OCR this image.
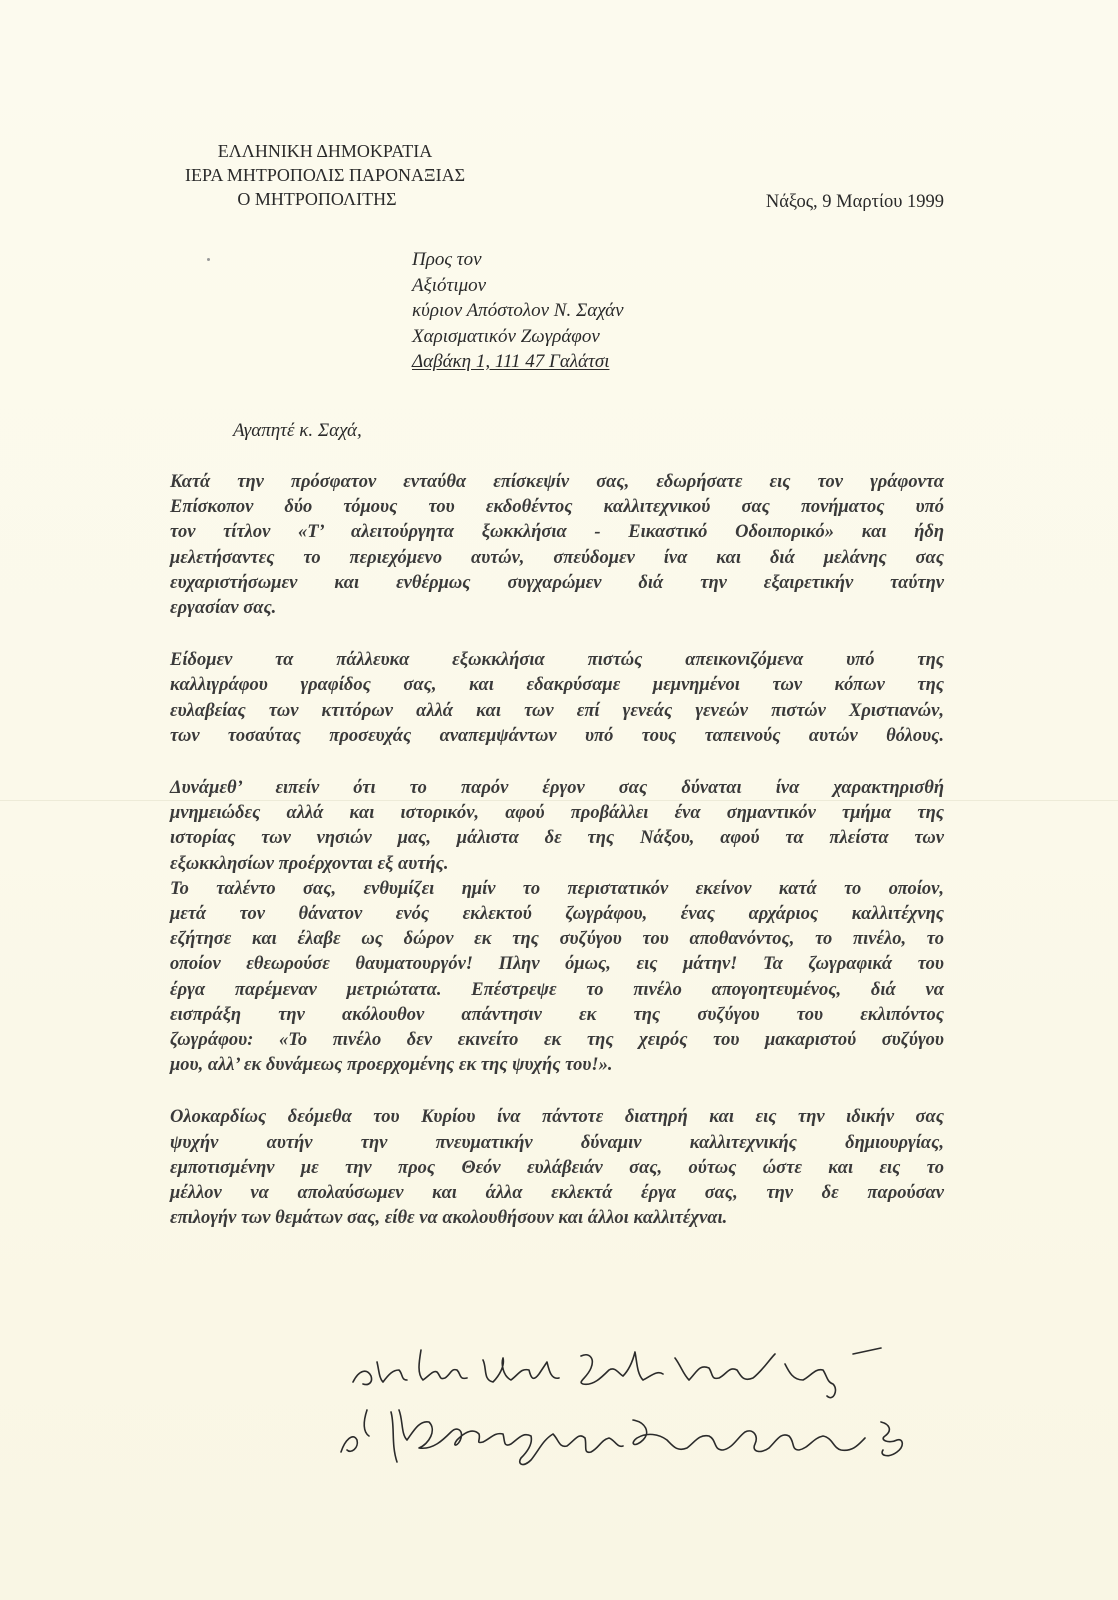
ΕΛΛΗΝΙΚΗ ΔΗΜΟΚΡΑΤΙΑ
ΙΕΡΑ ΜΗΤΡΟΠΟΛΙΣ ΠΑΡΟΝΑΞΙΑΣ
Ο ΜΗΤΡΟΠΟΛΙΤΗΣ	Νάξος, 9 Μαρτίου 1999
Προς τον
Αξιότιμον
κύριον Απόστολον Ν. Σαχάν
Χαρισματικόν Ζωγράφον
Δαβάκη 1, 111 47 Γαλάτσι
Αγαπητέ κ. Σαχά,
Κατά την πρόσφατον ενταύθα επίσκεψίν σας, εδωρήσατε εις τον γράφοντα
Επίσκοπον δύο τόμους του εκδοθέντος καλλιτεχνικού σας πονήματος υπό
τον τίτλον «Τ’ αλειτούργητα ξωκκλήσια - Εικαστικό Οδοιπορικό» και ήδη
μελετήσαντες το περιεχόμενο αυτών, σπεύδομεν ίνα και διά μελάνης σας
ευχαριστήσωμεν και ενθέρμως συγχαρώμεν διά την εξαιρετικήν ταύτην
εργασίαν σας.
Είδομεν τα πάλλευκα εξωκκλήσια πιστώς απεικονιζόμενα υπό της
καλλιγράφου γραφίδος σας, και εδακρύσαμε μεμνημένοι των κόπων της
ευλαβείας των κτιτόρων αλλά και των επί γενεάς γενεών πιστών Χριστιανών,
των τοσαύτας προσευχάς αναπεμψάντων υπό τους ταπεινούς αυτών θόλους.
Δυνάμεθ’ ειπείν ότι το παρόν έργον σας δύναται ίνα χαρακτηρισθή
μνημειώδες αλλά και ιστορικόν, αφού προβάλλει ένα σημαντικόν τμήμα της
ιστορίας των νησιών μας, μάλιστα δε της Νάξου, αφού τα πλείστα των
εξωκκλησίων προέρχονται εξ αυτής.
Το ταλέντο σας, ενθυμίζει ημίν το περιστατικόν εκείνον κατά το οποίον,
μετά τον θάνατον ενός εκλεκτού ζωγράφου, ένας αρχάριος καλλιτέχνης
εζήτησε και έλαβε ως δώρον εκ της συζύγου του αποθανόντος, το πινέλο, το
οποίον εθεωρούσε θαυματουργόν! Πλην όμως, εις μάτην! Τα ζωγραφικά του
έργα παρέμεναν μετριώτατα. Επέστρεψε το πινέλο απογοητευμένος, διά να
εισπράξη την ακόλουθον απάντησιν εκ της συζύγου του εκλιπόντος
ζωγράφου: «Το πινέλο δεν εκινείτο εκ της χειρός του μακαριστού συζύγου
μου, αλλ’ εκ δυνάμεως προερχομένης εκ της ψυχής του!».
Ολοκαρδίως δεόμεθα του Κυρίου ίνα πάντοτε διατηρή και εις την ιδικήν σας
ψυχήν αυτήν την πνευματικήν δύναμιν καλλιτεχνικής δημιουργίας,
εμποτισμένην με την προς Θεόν ευλάβειάν σας, ούτως ώστε και εις το
μέλλον να απολαύσωμεν και άλλα εκλεκτά έργα σας, την δε παρούσαν
επιλογήν των θεμάτων σας, είθε να ακολουθήσουν και άλλοι καλλιτέχναι.
